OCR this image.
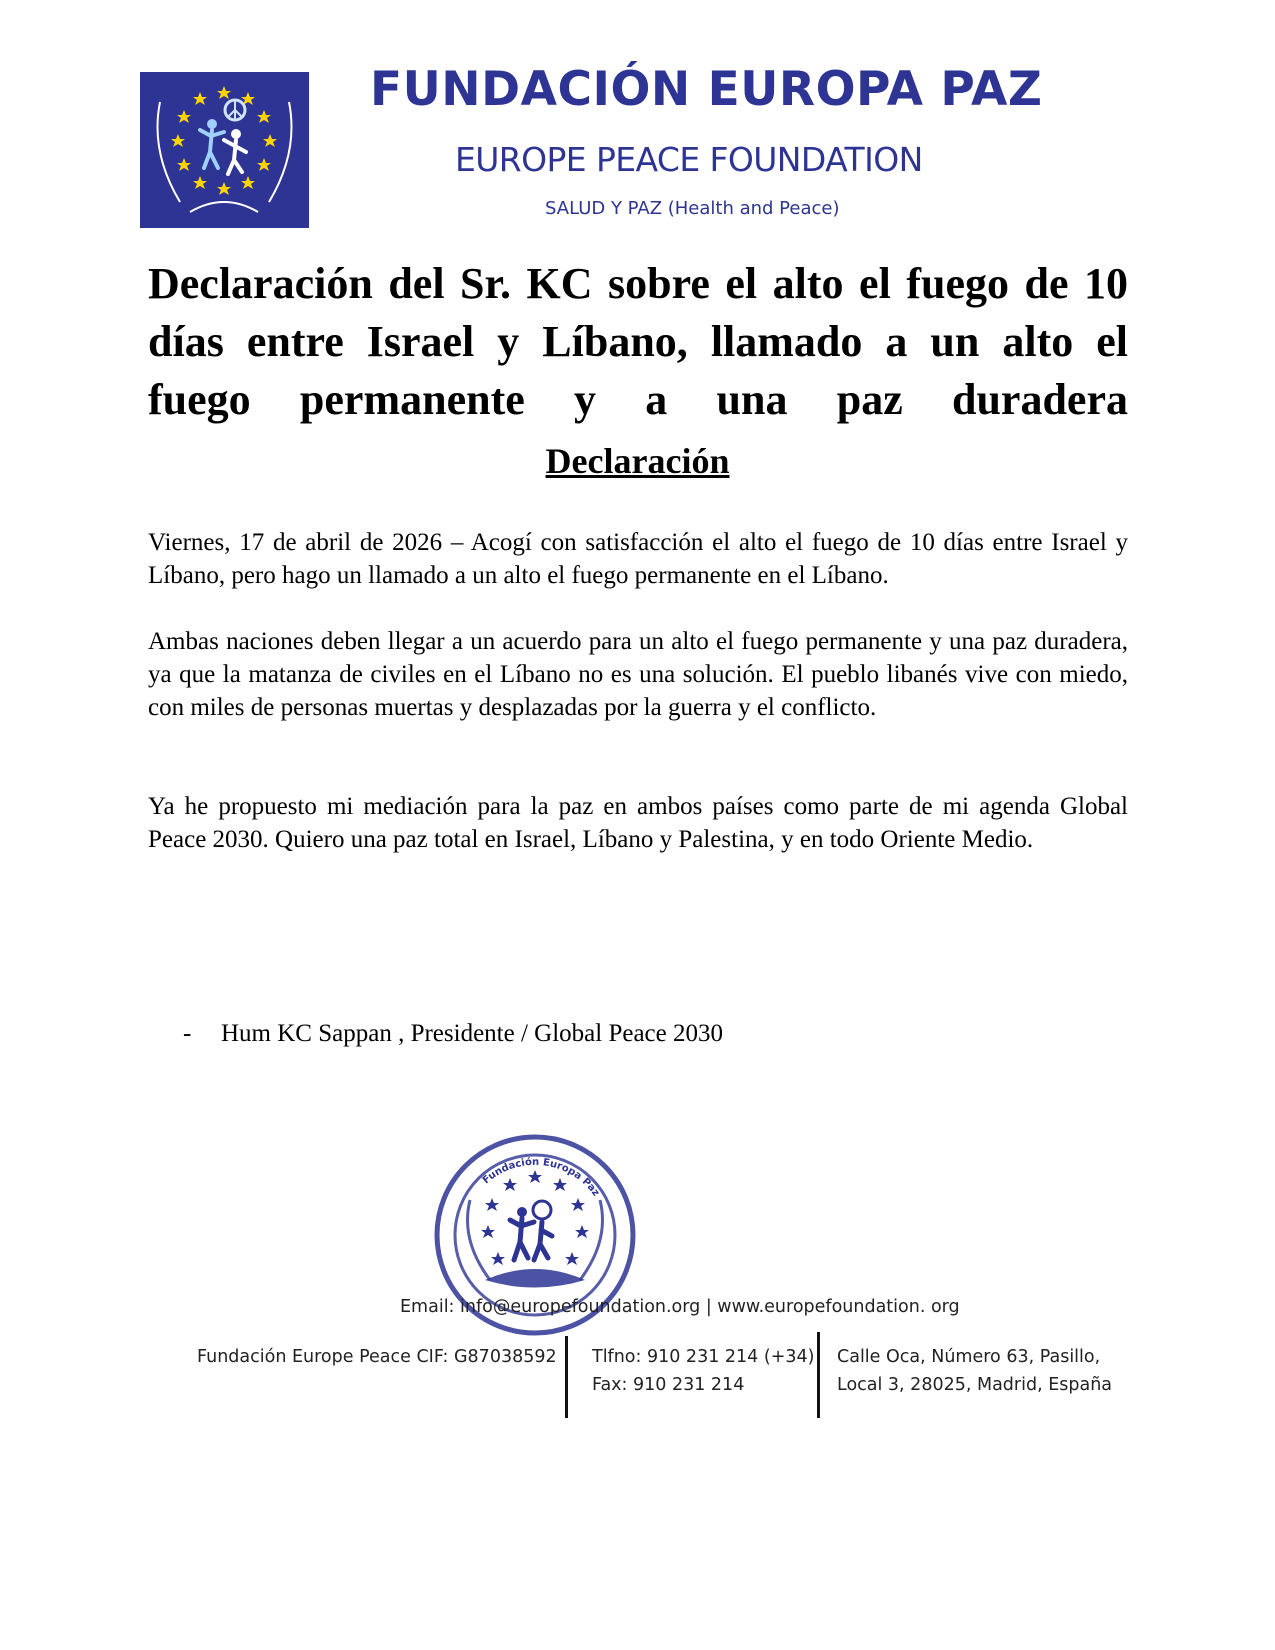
FUNDACIÓN EUROPA PAZ
EUROPE PEACE FOUNDATION
SALUD Y PAZ (Health and Peace)
Declaración del Sr. KC sobre el alto el fuego de 10 días entre Israel y Líbano, llamado a un alto el fuego permanente y a una paz duradera
Declaración

Viernes, 17 de abril de 2026 – Acogí con satisfacción el alto el fuego de 10 días entre Israel y Líbano, pero hago un llamado a un alto el fuego permanente en el Líbano.

Ambas naciones deben llegar a un acuerdo para un alto el fuego permanente y una paz duradera, ya que la matanza de civiles en el Líbano no es una solución. El pueblo libanés vive con miedo, con miles de personas muertas y desplazadas por la guerra y el conflicto.

Ya he propuesto mi mediación para la paz en ambos países como parte de mi agenda Global Peace 2030. Quiero una paz total en Israel, Líbano y Palestina, y en todo Oriente Medio.

- Hum KC Sappan , Presidente / Global Peace 2030
Fundación Europa Paz
Email: info@europefoundation.org | www.europefoundation. org
Fundación Europe Peace CIF: G87038592 Tlfno: 910 231 214 (+34)
Fax: 910 231 214
Calle Oca, Número 63, Pasillo,
Local 3, 28025, Madrid, España
